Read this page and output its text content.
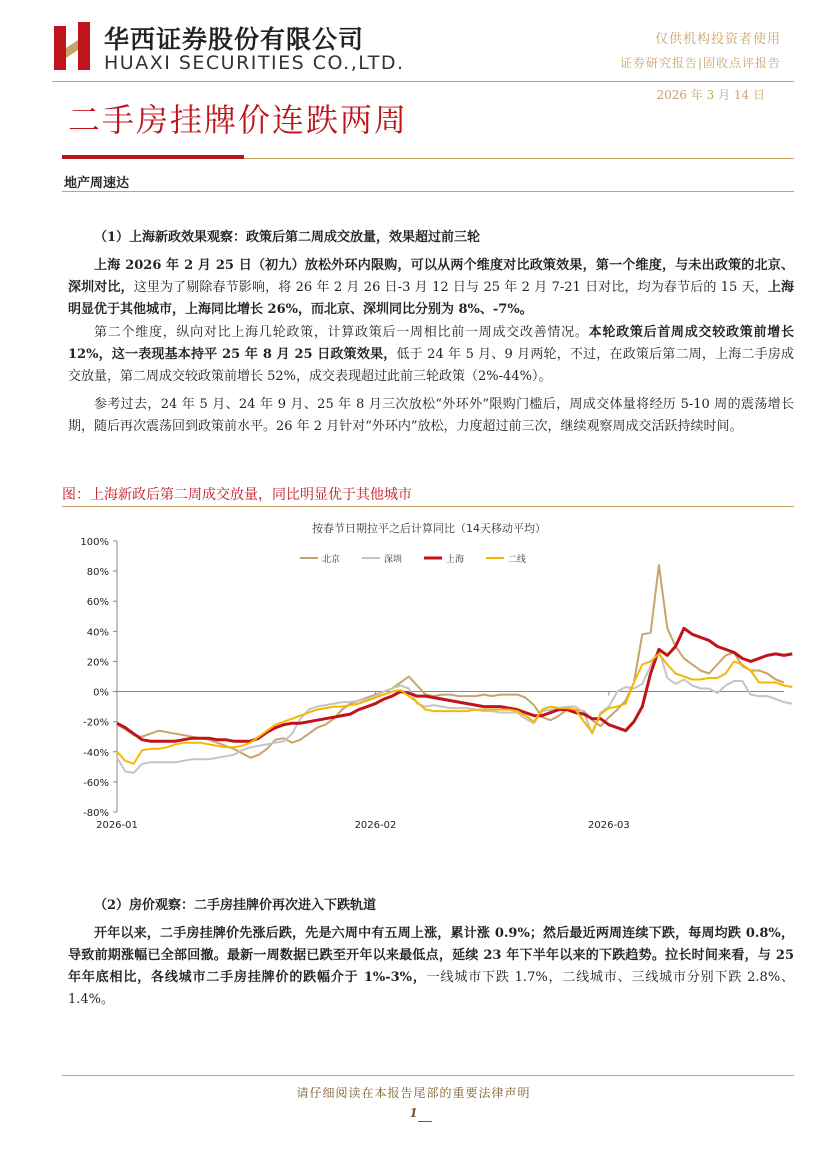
华西证券股份有限公司
HUAXI SECURITIES CO.,LTD.
仅供机构投资者使用
证券研究报告|固收点评报告
2026 年 3 月 14 日
二手房挂牌价连跌两周
地产周速达
（1）上海新政效果观察：政策后第二周成交放量，效果超过前三轮

上海 2026 年 2 月 25 日（初九）放松外环内限购，可以从两个维度对比政策效果，第一个维度，与未出政策的北京、深圳对比，这里为了剔除春节影响，将 26 年 2 月 26 日-3 月 12 日与 25 年 2 月 7-21 日对比，均为春节后的 15 天，上海明显优于其他城市，上海同比增长 26%，而北京、深圳同比分别为 8%、-7%。

第二个维度，纵向对比上海几轮政策，计算政策后一周相比前一周成交改善情况。本轮政策后首周成交较政策前增长 12%，这一表现基本持平 25 年 8 月 25 日政策效果，低于 24 年 5 月、9 月两轮，不过，在政策后第二周，上海二手房成交放量，第二周成交较政策前增长 52%，成交表现超过此前三轮政策（2%-44%）。

参考过去，24 年 5 月、24 年 9 月、25 年 8 月三次放松“外环外”限购门槛后，周成交体量将经历 5-10 周的震荡增长期，随后再次震荡回到政策前水平。26 年 2 月针对“外环内”放松，力度超过前三次，继续观察周成交活跃持续时间。

图：上海新政后第二周成交放量，同比明显优于其他城市
按春节日期拉平之后计算同比（14天移动平均）
100%
80%
60%
40%
20%
0%
-20%
-40%
-60%
-80%
2026-01	2026-02	2026-03
北京	深圳	上海	二线
（2）房价观察：二手房挂牌价再次进入下跌轨道

开年以来，二手房挂牌价先涨后跌，先是六周中有五周上涨，累计涨 0.9%；然后最近两周连续下跌，每周均跌 0.8%，导致前期涨幅已全部回撤。最新一周数据已跌至开年以来最低点，延续 23 年下半年以来的下跌趋势。拉长时间来看，与 25 年年底相比，各线城市二手房挂牌价的跌幅介于 1%-3%，一线城市下跌 1.7%，二线城市、三线城市分别下跌 2.8%、1.4%。

请仔细阅读在本报告尾部的重要法律声明
1
